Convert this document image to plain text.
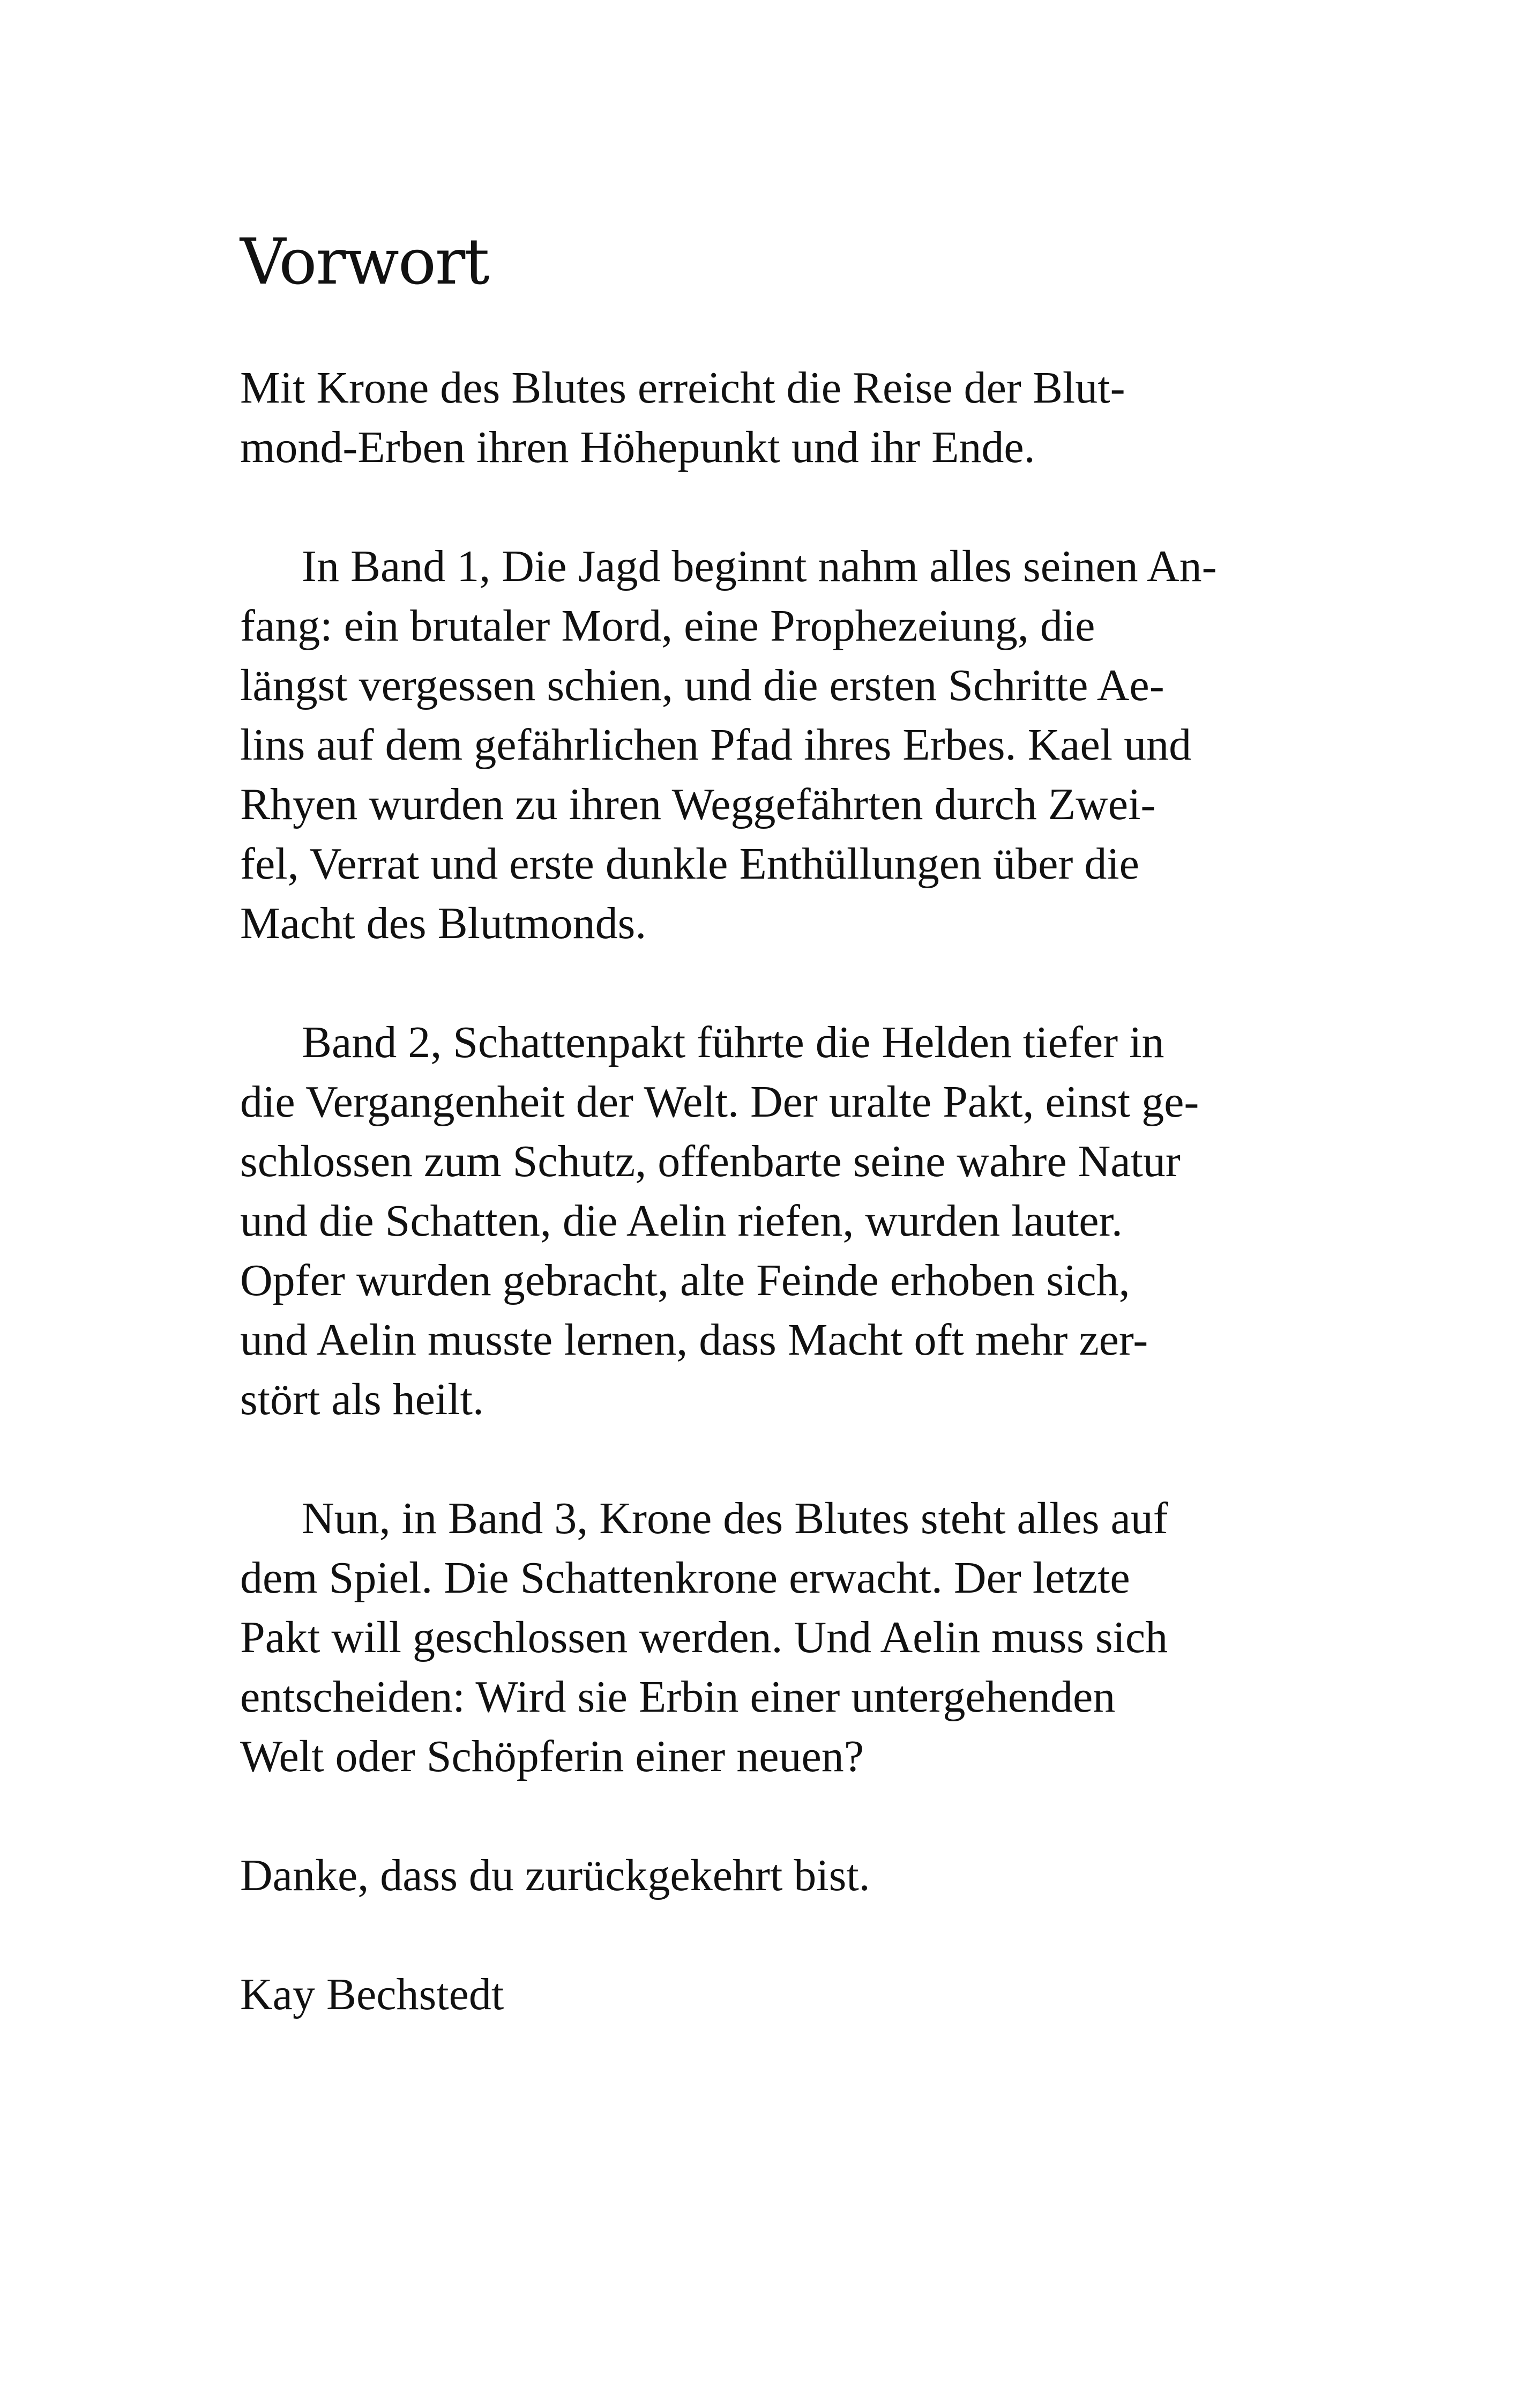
Vorwort
Mit Krone des Blutes erreicht die Reise der Blut-
mond-Erben ihren Höhepunkt und ihr Ende.
In Band 1, Die Jagd beginnt nahm alles seinen An-
fang: ein brutaler Mord, eine Prophezeiung, die
längst vergessen schien, und die ersten Schritte Ae-
lins auf dem gefährlichen Pfad ihres Erbes. Kael und
Rhyen wurden zu ihren Weggefährten durch Zwei-
fel, Verrat und erste dunkle Enthüllungen über die
Macht des Blutmonds.
Band 2, Schattenpakt führte die Helden tiefer in
die Vergangenheit der Welt. Der uralte Pakt, einst ge-
schlossen zum Schutz, offenbarte seine wahre Natur
und die Schatten, die Aelin riefen, wurden lauter.
Opfer wurden gebracht, alte Feinde erhoben sich,
und Aelin musste lernen, dass Macht oft mehr zer-
stört als heilt.
Nun, in Band 3, Krone des Blutes steht alles auf
dem Spiel. Die Schattenkrone erwacht. Der letzte
Pakt will geschlossen werden. Und Aelin muss sich
entscheiden: Wird sie Erbin einer untergehenden
Welt oder Schöpferin einer neuen?
Danke, dass du zurückgekehrt bist.
Kay Bechstedt
